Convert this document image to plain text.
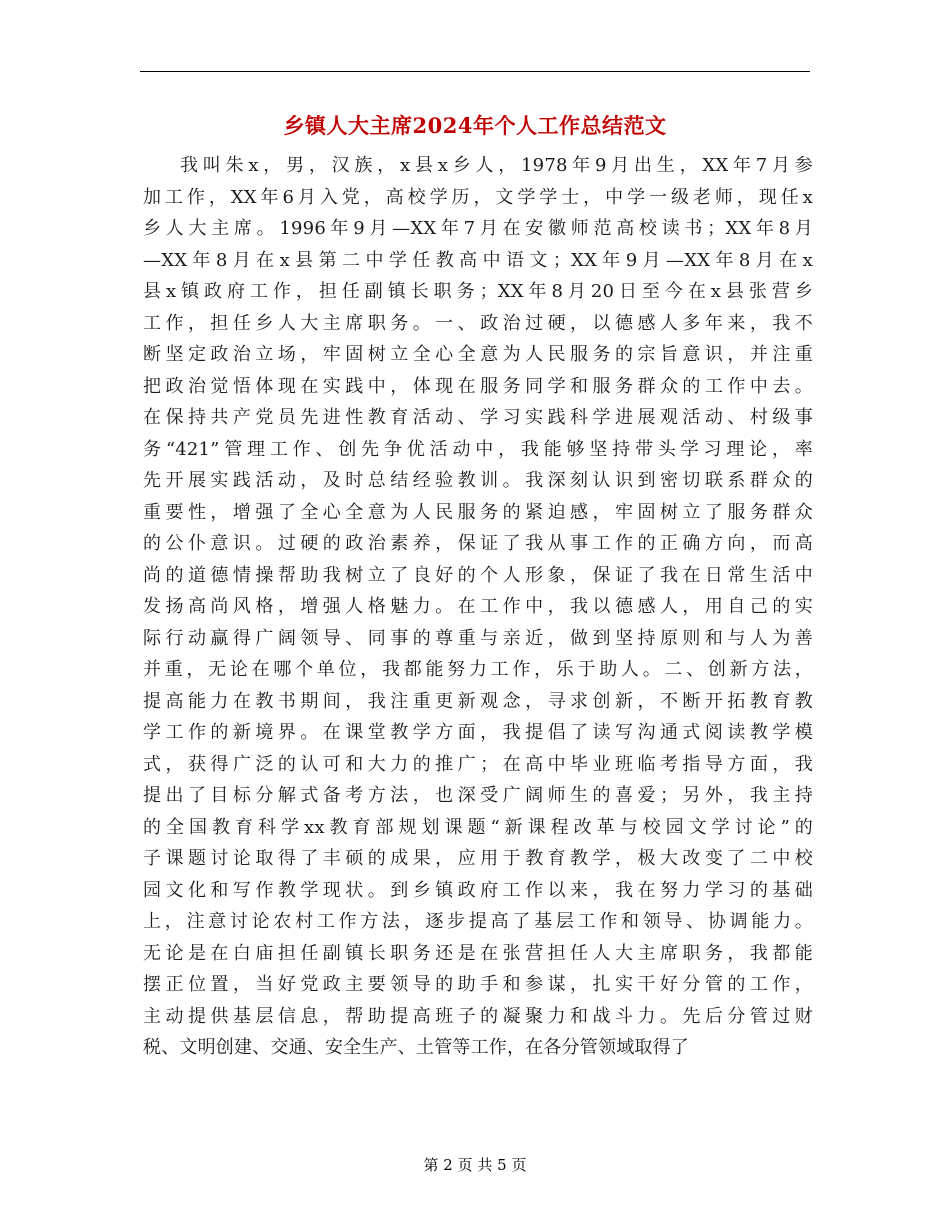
乡镇人大主席2024年个人工作总结范文
我叫朱x，男，汉族，x县x乡人，1978年9月出生，XX年7月参
加工作，XX年6月入党，高校学历，文学学士，中学一级老师，现任x
乡人大主席。1996年9月—XX年7月在安徽师范高校读书；XX年8月
—XX年8月在x县第二中学任教高中语文；XX年9月—XX年8月在x
县x镇政府工作，担任副镇长职务；XX年8月20日至今在x县张营乡
工作，担任乡人大主席职务。一、政治过硬，以德感人多年来，我不
断坚定政治立场，牢固树立全心全意为人民服务的宗旨意识，并注重
把政治觉悟体现在实践中，体现在服务同学和服务群众的工作中去。
在保持共产党员先进性教育活动、学习实践科学进展观活动、村级事
务“421”管理工作、创先争优活动中，我能够坚持带头学习理论，率
先开展实践活动，及时总结经验教训。我深刻认识到密切联系群众的
重要性，增强了全心全意为人民服务的紧迫感，牢固树立了服务群众
的公仆意识。过硬的政治素养，保证了我从事工作的正确方向，而高
尚的道德情操帮助我树立了良好的个人形象，保证了我在日常生活中
发扬高尚风格，增强人格魅力。在工作中，我以德感人，用自己的实
际行动赢得广阔领导、同事的尊重与亲近，做到坚持原则和与人为善
并重，无论在哪个单位，我都能努力工作，乐于助人。二、创新方法，
提高能力在教书期间，我注重更新观念，寻求创新，不断开拓教育教
学工作的新境界。在课堂教学方面，我提倡了读写沟通式阅读教学模
式，获得广泛的认可和大力的推广；在高中毕业班临考指导方面，我
提出了目标分解式备考方法，也深受广阔师生的喜爱；另外，我主持
的全国教育科学xx教育部规划课题“新课程改革与校园文学讨论”的
子课题讨论取得了丰硕的成果，应用于教育教学，极大改变了二中校
园文化和写作教学现状。到乡镇政府工作以来，我在努力学习的基础
上，注意讨论农村工作方法，逐步提高了基层工作和领导、协调能力。
无论是在白庙担任副镇长职务还是在张营担任人大主席职务，我都能
摆正位置，当好党政主要领导的助手和参谋，扎实干好分管的工作，
主动提供基层信息，帮助提高班子的凝聚力和战斗力。先后分管过财
税、文明创建、交通、安全生产、土管等工作，在各分管领域取得了
第 2 页 共 5 页
